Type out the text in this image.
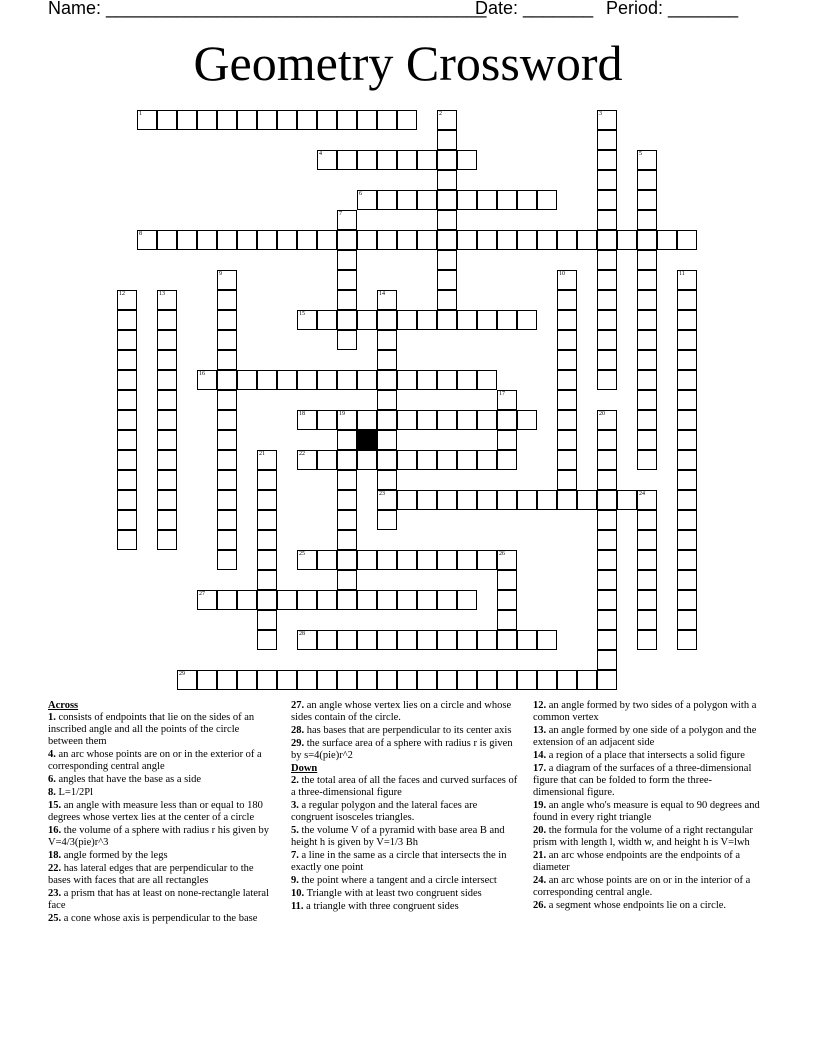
Name: ______________________________________
Date: _______ Period: _______
Geometry Crossword
1	2	3
4	5
6
7
8
9	10	11
12	13	14
23
15
16
17
18	19	20
21	22
24
25	26
27
28
29

Across

1. consists of endpoints that lie on the sides of an inscribed angle and all the points of the circle between them

4. an arc whose points are on or in the exterior of a corresponding central angle

6. angles that have the base as a side

8. L=1/2Pl

15. an angle with measure less than or equal to 180 degrees whose vertex lies at the center of a circle

16. the volume of a sphere with radius r his given by V=4/3(pie)r^3

18. angle formed by the legs

22. has lateral edges that are perpendicular to the bases with faces that are all rectangles

23. a prism that has at least on none-rectangle lateral face

25. a cone whose axis is perpendicular to the base

27. an angle whose vertex lies on a circle and whose sides contain of the circle.

28. has bases that are perpendicular to its center axis

29. the surface area of a sphere with radius r is given by s=4(pie)r^2

Down

2. the total area of all the faces and curved surfaces of a three-dimensional figure

3. a regular polygon and the lateral faces are congruent isosceles triangles.

5. the volume V of a pyramid with base area B and height h is given by V=1/3 Bh

7. a line in the same as a circle that intersects the in exactly one point

9. the point where a tangent and a circle intersect

10. Triangle with at least two congruent sides

11. a triangle with three congruent sides

12. an angle formed by two sides of a polygon with a common vertex

13. an angle formed by one side of a polygon and the extension of an adjacent side

14. a region of a place that intersects a solid figure

17. a diagram of the surfaces of a three-dimensional figure that can be folded to form the three-dimensional figure.

19. an angle who's measure is equal to 90 degrees and found in every right triangle

20. the formula for the volume of a right rectangular prism with length l, width w, and height h is V=lwh

21. an arc whose endpoints are the endpoints of a diameter

24. an arc whose points are on or in the interior of a corresponding central angle.

26. a segment whose endpoints lie on a circle.
